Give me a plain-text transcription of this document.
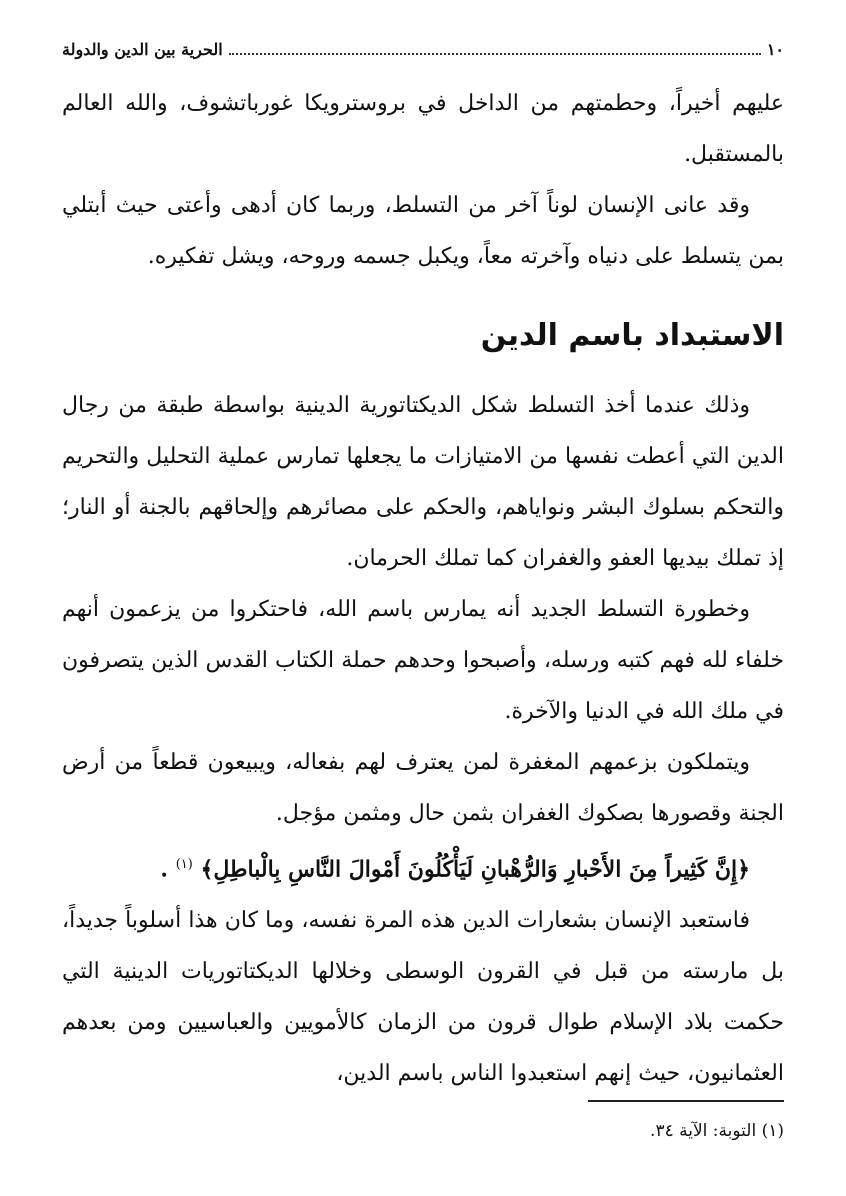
١٠
الحرية بين الدين والدولة

عليهم أخيراً، وحطمتهم من الداخل في بروسترويكا غورباتشوف، والله العالم بالمستقبل.

وقد عانى الإنسان لوناً آخر من التسلط، وربما كان أدهى وأعتى حيث أبتلي بمن يتسلط على دنياه وآخرته معاً، ويكبل جسمه وروحه، ويشل تفكيره.

الاستبداد باسم الدين

وذلك عندما أخذ التسلط شكل الديكتاتورية الدينية بواسطة طبقة من رجال الدين التي أعطت نفسها من الامتيازات ما يجعلها تمارس عملية التحليل والتحريم والتحكم بسلوك البشر ونواياهم، والحكم على مصائرهم وإلحاقهم بالجنة أو النار؛ إذ تملك بيديها العفو والغفران كما تملك الحرمان.

وخطورة التسلط الجديد أنه يمارس باسم الله، فاحتكروا من يزعمون أنهم خلفاء لله فهم كتبه ورسله، وأصبحوا وحدهم حملة الكتاب القدس الذين يتصرفون في ملك الله في الدنيا والآخرة.

ويتملكون بزعمهم المغفرة لمن يعترف لهم بفعاله، ويبيعون قطعاً من أرض الجنة وقصورها بصكوك الغفران بثمن حال ومثمن مؤجل.

﴿إِنَّ كَثِيراً مِنَ الأَحْبارِ وَالرُّهْبانِ لَيَأْكُلُونَ أَمْوالَ النَّاسِ بِالْباطِلِ﴾ $^{(١)}$ .

فاستعبد الإنسان بشعارات الدين هذه المرة نفسه، وما كان هذا أسلوباً جديداً، بل مارسته من قبل في القرون الوسطى وخلالها الديكتاتوريات الدينية التي حكمت بلاد الإسلام طوال قرون من الزمان كالأمويين والعباسيين ومن بعدهم العثمانيون، حيث إنهم استعبدوا الناس باسم الدين،

(١) التوبة: الآية ٣٤.
